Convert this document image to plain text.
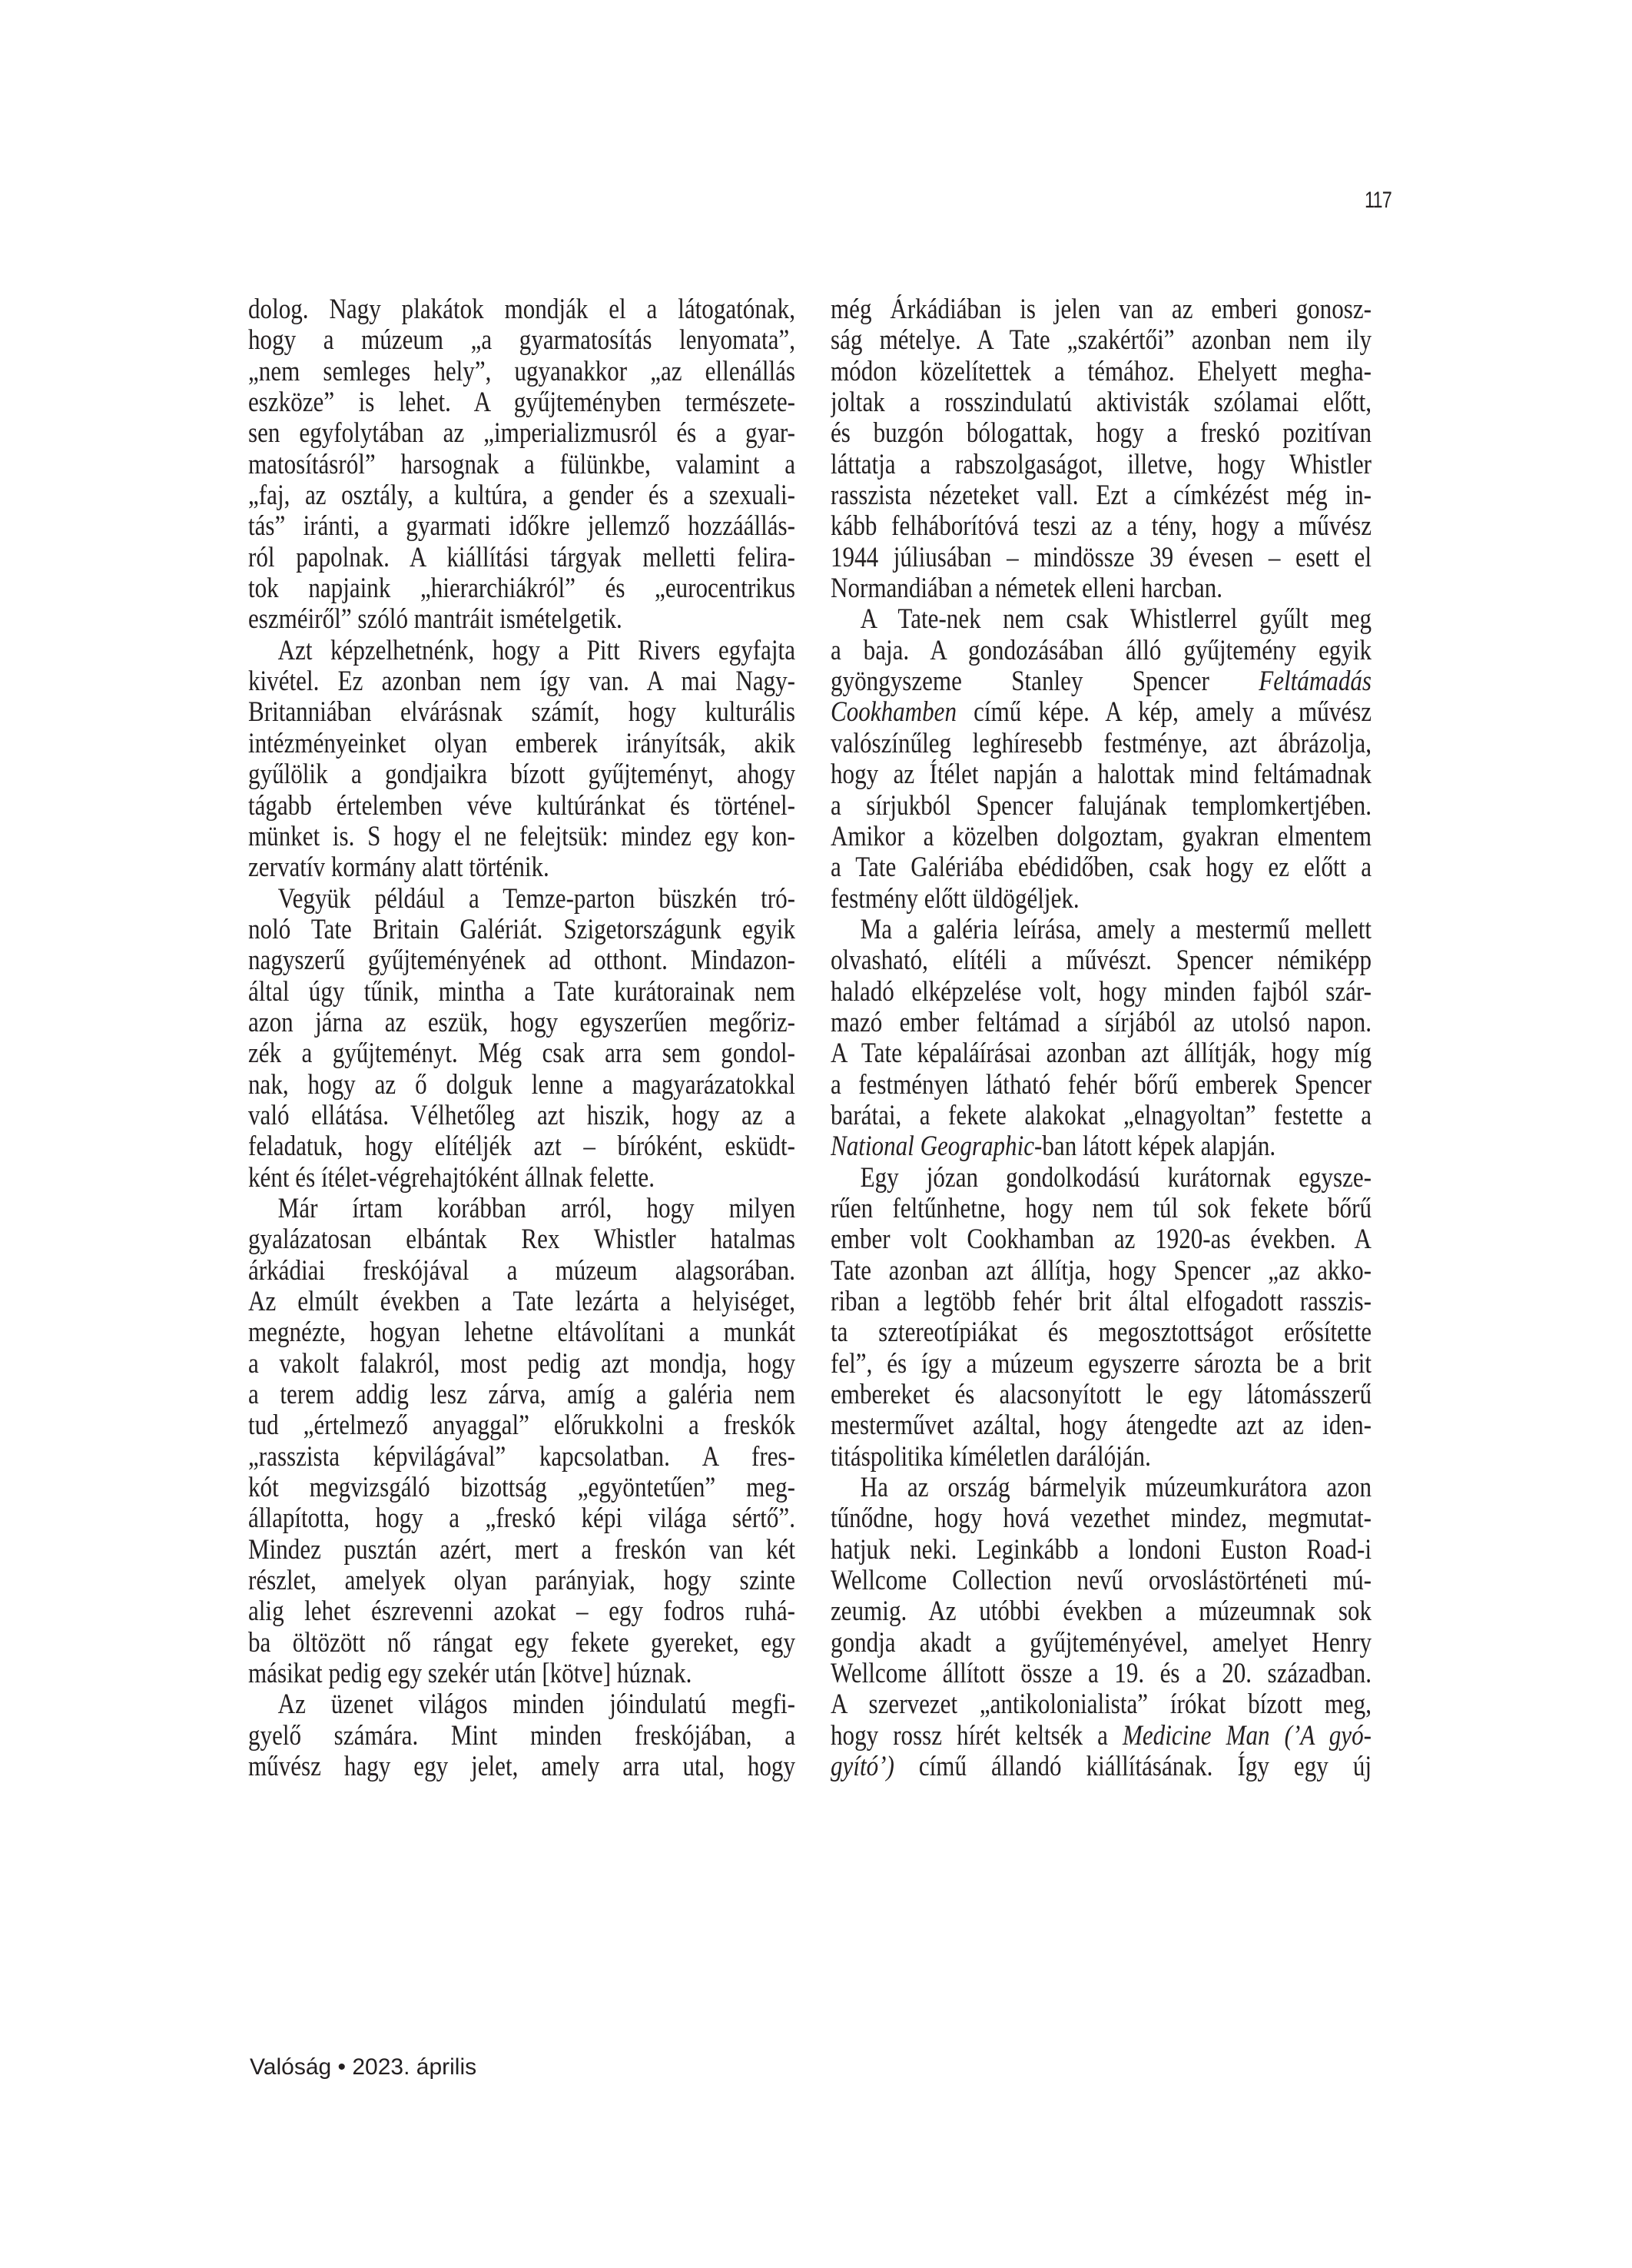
117
dolog. Nagy plakátok mondják el a látogatónak,
hogy a múzeum „a gyarmatosítás lenyomata”,
„nem semleges hely”, ugyanakkor „az ellenállás
eszköze” is lehet. A gyűjteményben természete-
sen egyfolytában az „imperializmusról és a gyar-
matosításról” harsognak a fülünkbe, valamint a
„faj, az osztály, a kultúra, a gender és a szexuali-
tás” iránti, a gyarmati időkre jellemző hozzáállás-
ról papolnak. A kiállítási tárgyak melletti felira-
tok napjaink „hierarchiákról” és „eurocentrikus
eszméiről” szóló mantráit ismételgetik.
Azt képzelhetnénk, hogy a Pitt Rivers egyfajta
kivétel. Ez azonban nem így van. A mai Nagy-
Britanniában elvárásnak számít, hogy kulturális
intézményeinket olyan emberek irányítsák, akik
gyűlölik a gondjaikra bízott gyűjteményt, ahogy
tágabb értelemben véve kultúránkat és történel-
münket is. S hogy el ne felejtsük: mindez egy kon-
zervatív kormány alatt történik.
Vegyük például a Temze-parton büszkén tró-
noló Tate Britain Galériát. Szigetországunk egyik
nagyszerű gyűjteményének ad otthont. Mindazon-
által úgy tűnik, mintha a Tate kurátorainak nem
azon járna az eszük, hogy egyszerűen megőriz-
zék a gyűjteményt. Még csak arra sem gondol-
nak, hogy az ő dolguk lenne a magyarázatokkal
való ellátása. Vélhetőleg azt hiszik, hogy az a
feladatuk, hogy elítéljék azt – bíróként, esküdt-
ként és ítélet-végrehajtóként állnak felette.
Már írtam korábban arról, hogy milyen
gyalázatosan elbántak Rex Whistler hatalmas
árkádiai freskójával a múzeum alagsorában.
Az elmúlt években a Tate lezárta a helyiséget,
megnézte, hogyan lehetne eltávolítani a munkát
a vakolt falakról, most pedig azt mondja, hogy
a terem addig lesz zárva, amíg a galéria nem
tud „értelmező anyaggal” előrukkolni a freskók
„rasszista képvilágával” kapcsolatban. A fres-
kót megvizsgáló bizottság „egyöntetűen” meg-
állapította, hogy a „freskó képi világa sértő”.
Mindez pusztán azért, mert a freskón van két
részlet, amelyek olyan parányiak, hogy szinte
alig lehet észrevenni azokat – egy fodros ruhá-
ba öltözött nő rángat egy fekete gyereket, egy
másikat pedig egy szekér után [kötve] húznak.
Az üzenet világos minden jóindulatú megfi-
gyelő számára. Mint minden freskójában, a
művész hagy egy jelet, amely arra utal, hogy
még Árkádiában is jelen van az emberi gonosz-
ság mételye. A Tate „szakértői” azonban nem ily
módon közelítettek a témához. Ehelyett megha-
joltak a rosszindulatú aktivisták szólamai előtt,
és buzgón bólogattak, hogy a freskó pozitívan
láttatja a rabszolgaságot, illetve, hogy Whistler
rasszista nézeteket vall. Ezt a címkézést még in-
kább felháborítóvá teszi az a tény, hogy a művész
1944 júliusában – mindössze 39 évesen – esett el
Normandiában a németek elleni harcban.
A Tate-nek nem csak Whistlerrel gyűlt meg
a baja. A gondozásában álló gyűjtemény egyik
gyöngyszeme Stanley Spencer Feltámadás
Cookhamben című képe. A kép, amely a művész
valószínűleg leghíresebb festménye, azt ábrázolja,
hogy az Ítélet napján a halottak mind feltámadnak
a sírjukból Spencer falujának templomkertjében.
Amikor a közelben dolgoztam, gyakran elmentem
a Tate Galériába ebédidőben, csak hogy ez előtt a
festmény előtt üldögéljek.
Ma a galéria leírása, amely a mestermű mellett
olvasható, elítéli a művészt. Spencer némiképp
haladó elképzelése volt, hogy minden fajból szár-
mazó ember feltámad a sírjából az utolsó napon.
A Tate képaláírásai azonban azt állítják, hogy míg
a festményen látható fehér bőrű emberek Spencer
barátai, a fekete alakokat „elnagyoltan” festette a
National Geographic-ban látott képek alapján.
Egy józan gondolkodású kurátornak egysze-
rűen feltűnhetne, hogy nem túl sok fekete bőrű
ember volt Cookhamban az 1920-as években. A
Tate azonban azt állítja, hogy Spencer „az akko-
riban a legtöbb fehér brit által elfogadott rasszis-
ta sztereotípiákat és megosztottságot erősítette
fel”, és így a múzeum egyszerre sározta be a brit
embereket és alacsonyított le egy látomásszerű
mesterművet azáltal, hogy átengedte azt az iden-
titáspolitika kíméletlen darálóján.
Ha az ország bármelyik múzeumkurátora azon
tűnődne, hogy hová vezethet mindez, megmutat-
hatjuk neki. Leginkább a londoni Euston Road-i
Wellcome Collection nevű orvoslástörténeti mú-
zeumig. Az utóbbi években a múzeumnak sok
gondja akadt a gyűjteményével, amelyet Henry
Wellcome állított össze a 19. és a 20. században.
A szervezet „antikolonialista” írókat bízott meg,
hogy rossz hírét keltsék a Medicine Man (’A gyó-
gyító’) című állandó kiállításának. Így egy új
Valóság • 2023. április
